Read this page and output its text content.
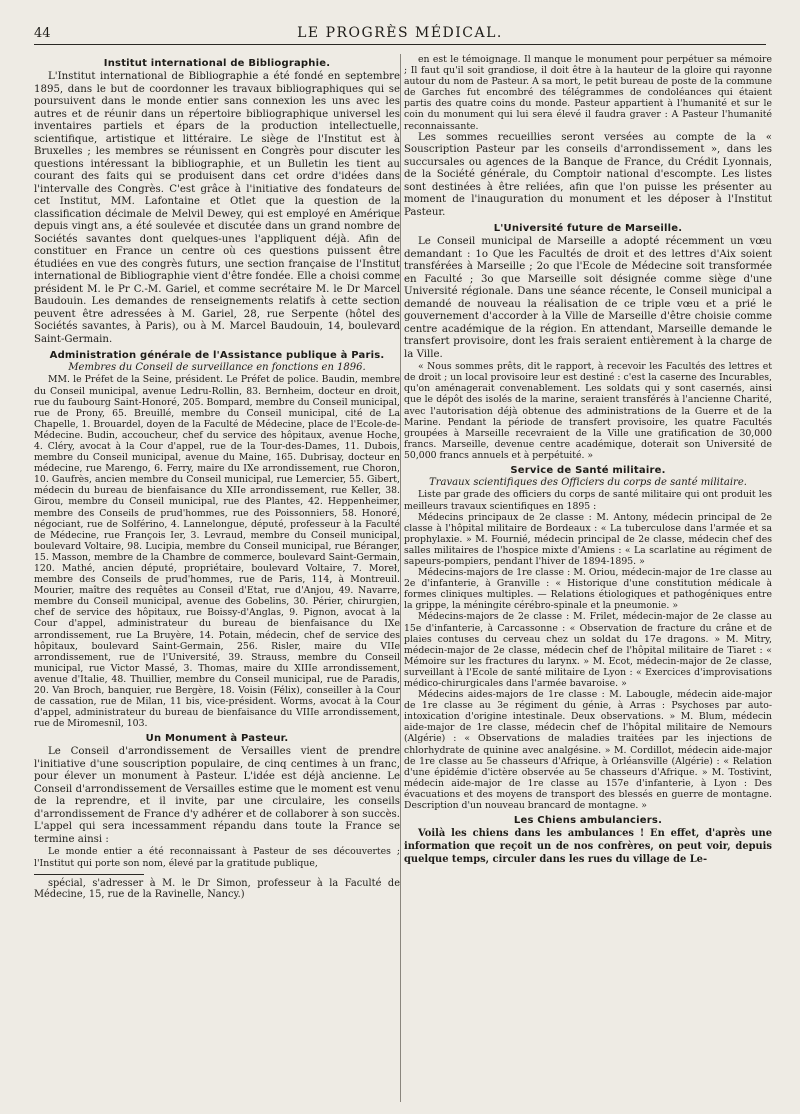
44	LE PROGRÈS MÉDICAL.
Institut international de Bibliographie.

L'Institut international de Bibliographie a été fondé en septembre 1895, dans le but de coordonner les travaux bibliographiques qui se poursuivent dans le monde entier sans connexion les uns avec les autres et de réunir dans un répertoire bibliographique universel les inventaires partiels et épars de la production intellectuelle, scientifique, artistique et littéraire. Le siège de l'Institut est à Bruxelles ; les membres se réunissent en Congrès pour discuter les questions intéressant la bibliographie, et un Bulletin les tient au courant des faits qui se produisent dans cet ordre d'idées dans l'intervalle des Congrès. C'est grâce à l'initiative des fondateurs de cet Institut, MM. Lafontaine et Otlet que la question de la classification décimale de Melvil Dewey, qui est employé en Amérique depuis vingt ans, a été soulevée et discutée dans un grand nombre de Sociétés savantes dont quelques-unes l'appliquent déjà. Afin de constituer en France un centre où ces questions puissent être étudiées en vue des congrès futurs, une section française de l'Institut international de Bibliographie vient d'être fondée. Elle a choisi comme président M. le Pr C.-M. Gariel, et comme secrétaire M. le Dr Marcel Baudouin. Les demandes de renseignements relatifs à cette section peuvent être adressées à M. Gariel, 28, rue Serpente (hôtel des Sociétés savantes, à Paris), ou à M. Marcel Baudouin, 14, boulevard Saint-Germain.

Administration générale de l'Assistance publique à Paris.
Membres du Conseil de surveillance en fonctions en 1896.

MM. le Préfet de la Seine, président. Le Préfet de police. Baudin, membre du Conseil municipal, avenue Ledru-Rollin, 83. Bernheim, docteur en droit, rue du faubourg Saint-Honoré, 205. Bompard, membre du Conseil municipal, rue de Prony, 65. Breuillé, membre du Conseil municipal, cité de La Chapelle, 1. Brouardel, doyen de la Faculté de Médecine, place de l'Ecole-de-Médecine. Budin, accoucheur, chef du service des hôpitaux, avenue Hoche, 4. Cléry, avocat à la Cour d'appel, rue de la Tour-des-Dames, 11. Dubois, membre du Conseil municipal, avenue du Maine, 165. Dubrisay, docteur en médecine, rue Marengo, 6. Ferry, maire du IXe arrondissement, rue Choron, 10. Gaufrès, ancien membre du Conseil municipal, rue Lemercier, 55. Gibert, médecin du bureau de bienfaisance du XIIe arrondissement, rue Keller, 38. Girou, membre du Conseil municipal, rue des Plantes, 42. Heppenheimer, membre des Conseils de prud'hommes, rue des Poissonniers, 58. Honoré, négociant, rue de Solférino, 4. Lannelongue, député, professeur à la Faculté de Médecine, rue François Ier, 3. Levraud, membre du Conseil municipal, boulevard Voltaire, 98. Lucipia, membre du Conseil municipal, rue Béranger, 15. Masson, membre de la Chambre de commerce, boulevard Saint-Germain, 120. Mathé, ancien député, propriétaire, boulevard Voltaire, 7. Moreł, membre des Conseils de prud'hommes, rue de Paris, 114, à Montreuil. Mourier, maître des requêtes au Conseil d'Etat, rue d'Anjou, 49. Navarre, membre du Conseil municipal, avenue des Gobelins, 30. Périer, chirurgien, chef de service des hôpitaux, rue Boissy-d'Anglas, 9. Pignon, avocat à la Cour d'appel, administrateur du bureau de bienfaisance du IXe arrondissement, rue La Bruyère, 14. Potain, médecin, chef de service des hôpitaux, boulevard Saint-Germain, 256. Risler, maire du VIIe arrondissement, rue de l'Université, 39. Strauss, membre du Conseil municipal, rue Victor Massé, 3. Thomas, maire du XIIIe arrondissement, avenue d'Italie, 48. Thuillier, membre du Conseil municipal, rue de Paradis, 20. Van Broch, banquier, rue Bergère, 18. Voisin (Félix), conseiller à la Cour de cassation, rue de Milan, 11 bis, vice-président. Worms, avocat à la Cour d'appel, administrateur du bureau de bienfaisance du VIIIe arrondissement, rue de Miromesnil, 103.

Un Monument à Pasteur.

Le Conseil d'arrondissement de Versailles vient de prendre l'initiative d'une souscription populaire, de cinq centimes à un franc, pour élever un monument à Pasteur. L'idée est déjà ancienne. Le Conseil d'arrondissement de Versailles estime que le moment est venu de la reprendre, et il invite, par une circulaire, les conseils d'arrondissement de France d'y adhérer et de collaborer à son succès. L'appel qui sera incessamment répandu dans toute la France se termine ainsi :

Le monde entier a été reconnaissant à Pasteur de ses découvertes ; l'Institut qui porte son nom, élevé par la gratitude publique,

spécial, s'adresser à M. le Dr Simon, professeur à la Faculté de Médecine, 15, rue de la Ravinelle, Nancy.)

en est le témoignage. Il manque le monument pour perpétuer sa mémoire ; Il faut qu'il soit grandiose, il doit être à la hauteur de la gloire qui rayonne autour du nom de Pasteur. A sa mort, le petit bureau de poste de la commune de Garches fut encombré des télégrammes de condoléances qui étaient partis des quatre coins du monde. Pasteur appartient à l'humanité et sur le coin du monument qui lui sera élevé il faudra graver : A Pasteur l'humanité reconnaissante.

Les sommes recueillies seront versées au compte de la « Souscription Pasteur par les conseils d'arrondissement », dans les succursales ou agences de la Banque de France, du Crédit Lyonnais, de la Société générale, du Comptoir national d'escompte. Les listes sont destinées à être reliées, afin que l'on puisse les présenter au moment de l'inauguration du monument et les déposer à l'Institut Pasteur.

L'Université future de Marseille.

Le Conseil municipal de Marseille a adopté récemment un vœu demandant : 1o Que les Facultés de droit et des lettres d'Aix soient transférées à Marseille ; 2o que l'Ecole de Médecine soit transformée en Faculté ; 3o que Marseille soit désignée comme siège d'une Université régionale. Dans une séance récente, le Conseil municipal a demandé de nouveau la réalisation de ce triple vœu et a prié le gouvernement d'accorder à la Ville de Marseille d'être choisie comme centre académique de la région. En attendant, Marseille demande le transfert provisoire, dont les frais seraient entièrement à la charge de la Ville.

« Nous sommes prêts, dit le rapport, à recevoir les Facultés des lettres et de droit ; un local provisoire leur est destiné : c'est la caserne des Incurables, qu'on aménagerait convenablement. Les soldats qui y sont casernés, ainsi que le dépôt des isolés de la marine, seraient transférés à l'ancienne Charité, avec l'autorisation déjà obtenue des administrations de la Guerre et de la Marine. Pendant la période de transfert provisoire, les quatre Facultés groupées à Marseille recevraient de la Ville une gratification de 30,000 francs. Marseille, devenue centre académique, doterait son Université de 50,000 francs annuels et à perpétuité. »

Service de Santé militaire.
Travaux scientifiques des Officiers du corps de santé militaire.

Liste par grade des officiers du corps de santé militaire qui ont produit les meilleurs travaux scientifiques en 1895 :

Médecins principaux de 2e classe : M. Antony, médecin principal de 2e classe à l'hôpital militaire de Bordeaux : « La tuberculose dans l'armée et sa prophylaxie. » M. Fournié, médecin principal de 2e classe, médecin chef des salles militaires de l'hospice mixte d'Amiens : « La scarlatine au régiment de sapeurs-pompiers, pendant l'hiver de 1894-1895. »

Médecins-majors de 1re classe : M. Oriou, médecin-major de 1re classe au 2e d'infanterie, à Granville : « Historique d'une constitution médicale à formes cliniques multiples. — Relations étiologiques et pathogéniques entre la grippe, la méningite cérébro-spinale et la pneumonie. »

Médecins-majors de 2e classe : M. Frilet, médecin-major de 2e classe au 15e d'infanterie, à Carcassonne : « Observation de fracture du crâne et de plaies contuses du cerveau chez un soldat du 17e dragons. » M. Mitry, médecin-major de 2e classe, médecin chef de l'hôpital militaire de Tiaret : « Mémoire sur les fractures du larynx. » M. Ecot, médecin-major de 2e classe, surveillant à l'Ecole de santé militaire de Lyon : « Exercices d'improvisations médico-chirurgicales dans l'armée bavaroise. »

Médecins aides-majors de 1re classe : M. Labougle, médecin aide-major de 1re classe au 3e régiment du génie, à Arras : Psychoses par auto-intoxication d'origine intestinale. Deux observations. » M. Blum, médecin aide-major de 1re classe, médecin chef de l'hôpital militaire de Nemours (Algérie) : « Observations de maladies traitées par les injections de chlorhydrate de quinine avec analgésine. » M. Cordillot, médecin aide-major de 1re classe au 5e chasseurs d'Afrique, à Orléansville (Algérie) : « Relation d'une épidémie d'ictère observée au 5e chasseurs d'Afrique. » M. Tostivint, médecin aide-major de 1re classe au 157e d'infanterie, à Lyon : Des évacuations et des moyens de transport des blessés en guerre de montagne. Description d'un nouveau brancard de montagne. »

Les Chiens ambulanciers.

Voilà les chiens dans les ambulances ! En effet, d'après une information que reçoit un de nos confrères, on peut voir, depuis quelque temps, circuler dans les rues du village de Le-
